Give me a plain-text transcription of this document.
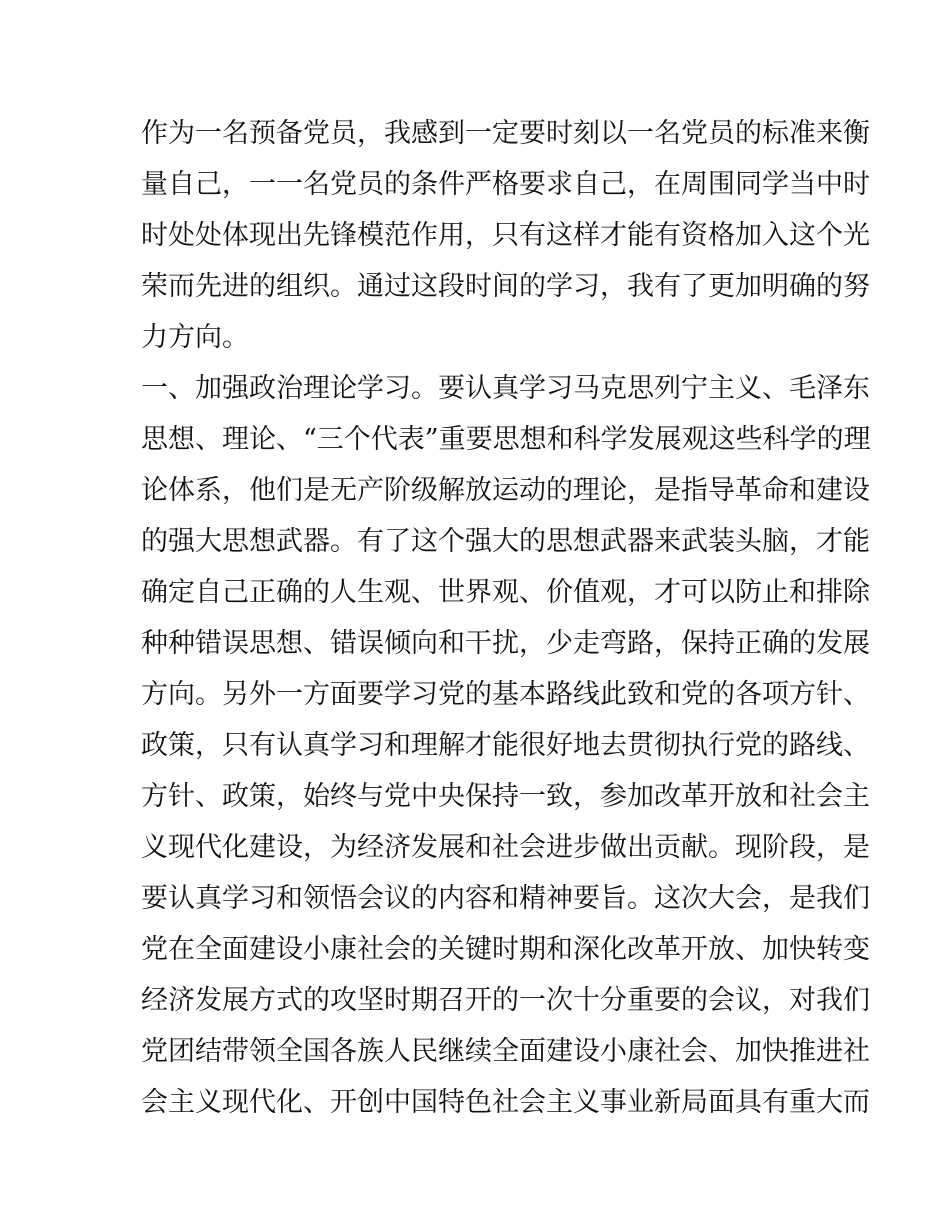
作为一名预备党员，我感到一定要时刻以一名党员的标准来衡
量自己，一一名党员的条件严格要求自己，在周围同学当中时
时处处体现出先锋模范作用，只有这样才能有资格加入这个光
荣而先进的组织。通过这段时间的学习，我有了更加明确的努
力方向。
一、加强政治理论学习。要认真学习马克思列宁主义、毛泽东
思想、理论、“三个代表”重要思想和科学发展观这些科学的理
论体系，他们是无产阶级解放运动的理论，是指导革命和建设
的强大思想武器。有了这个强大的思想武器来武装头脑，才能
确定自己正确的人生观、世界观、价值观，才可以防止和排除
种种错误思想、错误倾向和干扰，少走弯路，保持正确的发展
方向。另外一方面要学习党的基本路线此致和党的各项方针、
政策，只有认真学习和理解才能很好地去贯彻执行党的路线、
方针、政策，始终与党中央保持一致，参加改革开放和社会主
义现代化建设，为经济发展和社会进步做出贡献。现阶段，是
要认真学习和领悟会议的内容和精神要旨。这次大会，是我们
党在全面建设小康社会的关键时期和深化改革开放、加快转变
经济发展方式的攻坚时期召开的一次十分重要的会议，对我们
党团结带领全国各族人民继续全面建设小康社会、加快推进社
会主义现代化、开创中国特色社会主义事业新局面具有重大而
